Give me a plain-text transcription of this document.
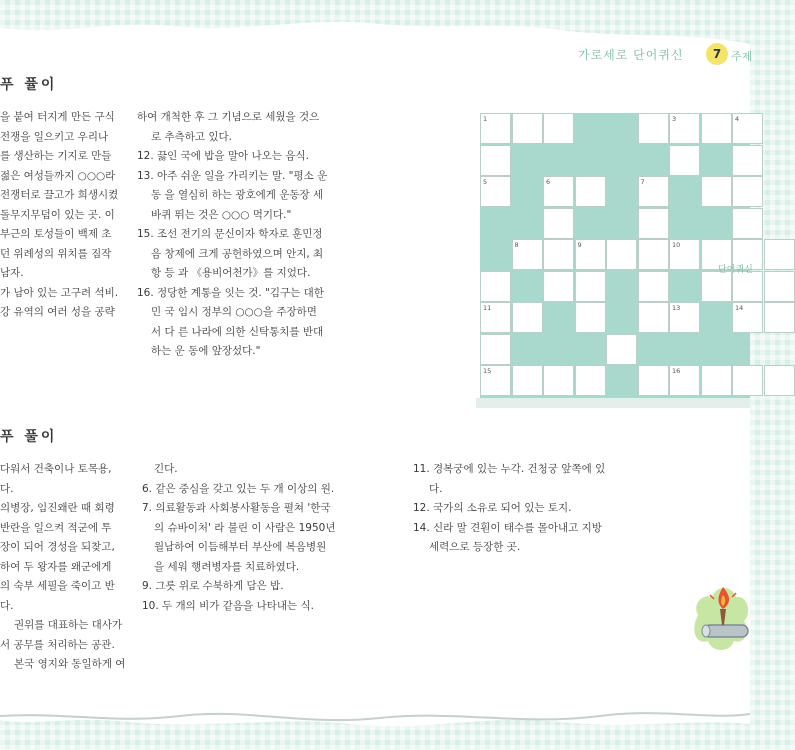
가로세로 단어퀴신	7 주제
푸 퓰이

을 붙여 터지게 만든 구식

전쟁을 일으키고 우리나

를 생산하는 기지로 만들

젊은 여성들까지 ○○○라

전쟁터로 끌고가 희생시켰

돌무지무덤이 있는 곳. 이

부근의 토성들이 백제 초

던 위례성의 위치를 짐작

남자.

가 남아 있는 고구려 석비.

강 유역의 여러 성을 공략

하여 개척한 후 그 기념으로 세웠을 것으

로 추측하고 있다.

12. 끓인 국에 밥을 말아 나오는 음식.

13. 아주 쉬운 일을 가리키는 말. "평소 운

동 을 열심히 하는 광호에게 운동장 세

바퀴 뛰는 것은 ○○○ 먹기다."

15. 조선 전기의 문신이자 학자로 훈민정

음 창제에 크게 공헌하였으며 안지, 최

항 등 과 《용비어천가》를 지었다.

16. 정당한 계통을 잇는 것. "김구는 대한

민 국 임시 정부의 ○○○을 주장하면

서 다 른 나라에 의한 신탁통치를 반대

하는 운 동에 앞장섰다."

1	3	4
5	6	7
8	9	10
11	13	14
15	16
단어퀴신
푸 풀이

다워서 건축이나 토목용,

다.

의병장, 임진왜란 때 회령

반란을 일으켜 적군에 투

장이 되어 경성을 되찾고,

하여 두 왕자를 왜군에게

의 숙부 세필을 죽이고 반

다.

권위를 대표하는 대사가

서 공무를 처리하는 공관.

본국 영지와 동일하게 여

긴다.

6. 같은 중심을 갖고 있는 두 개 이상의 원.

7. 의료활동과 사회봉사활동을 펼쳐 '한국

의 슈바이처' 라 불린 이 사람은 1950년

월남하여 이듬해부터 부산에 복음병원

을 세워 행려병자를 치료하였다.

9. 그릇 위로 수북하게 담은 밥.

10. 두 개의 비가 같음을 나타내는 식.

11. 경복궁에 있는 누각. 건청궁 앞쪽에 있

다.

12. 국가의 소유로 되어 있는 토지.

14. 신라 말 견훤이 태수를 몰아내고 지방

세력으로 등장한 곳.
